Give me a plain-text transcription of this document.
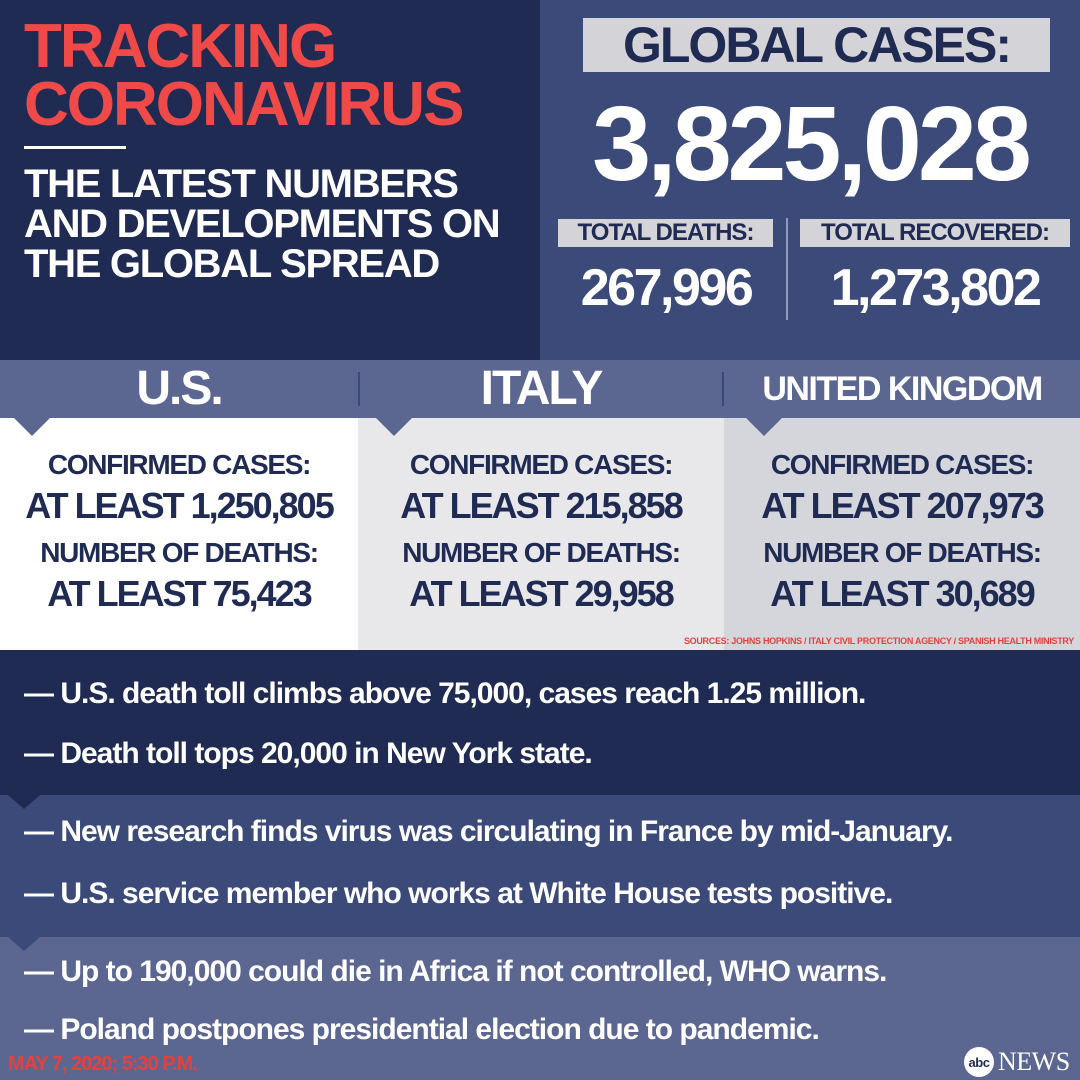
TRACKING
CORONAVIRUS
THE LATEST NUMBERS AND DEVELOPMENTS ON THE GLOBAL SPREAD
GLOBAL CASES:
3,825,028
TOTAL DEATHS:	TOTAL RECOVERED:
267,996	1,273,802
U.S.	ITALY	UNITED KINGDOM
CONFIRMED CASES:
AT LEAST 1,250,805
NUMBER OF DEATHS:
AT LEAST 75,423
CONFIRMED CASES:
AT LEAST 215,858
NUMBER OF DEATHS:
AT LEAST 29,958
CONFIRMED CASES:
AT LEAST 207,973
NUMBER OF DEATHS:
AT LEAST 30,689
SOURCES: JOHNS HOPKINS / ITALY CIVIL PROTECTION AGENCY / SPANISH HEALTH MINISTRY
— U.S. death toll climbs above 75,000, cases reach 1.25 million.
— Death toll tops 20,000 in New York state.
— New research finds virus was circulating in France by mid-January.
— U.S. service member who works at White House tests positive.
— Up to 190,000 could die in Africa if not controlled, WHO warns.
— Poland postpones presidential election due to pandemic.
MAY 7, 2020; 5:30 P.M.	abc NEWS
